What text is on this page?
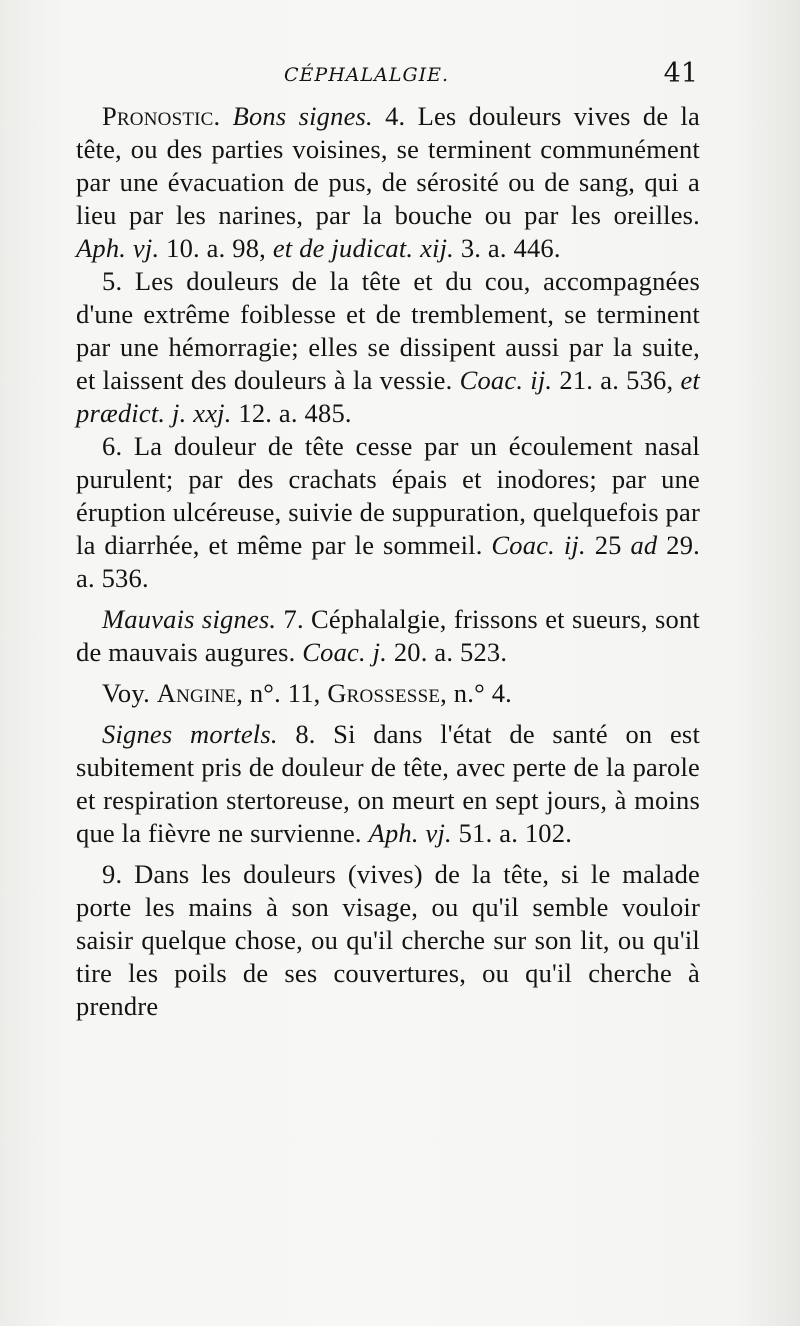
CÉPHALALGIE.	41

Pronostic. Bons signes. 4. Les douleurs vives de la tête, ou des parties voisines, se terminent communément par une évacuation de pus, de sérosité ou de sang, qui a lieu par les narines, par la bouche ou par les oreilles. Aph. vj. 10. a. 98, et de judicat. xij. 3. a. 446.

5. Les douleurs de la tête et du cou, accompagnées d'une extrême foiblesse et de tremblement, se terminent par une hémorragie; elles se dissipent aussi par la suite, et laissent des douleurs à la vessie. Coac. ij. 21. a. 536, et prædict. j. xxj. 12. a. 485.

6. La douleur de tête cesse par un écoulement nasal purulent; par des crachats épais et inodores; par une éruption ulcéreuse, suivie de suppuration, quelquefois par la diarrhée, et même par le sommeil. Coac. ij. 25 ad 29. a. 536.

Mauvais signes. 7. Céphalalgie, frissons et sueurs, sont de mauvais augures. Coac. j. 20. a. 523.

Voy. Angine, n°. 11, Grossesse, n.° 4.

Signes mortels. 8. Si dans l'état de santé on est subitement pris de douleur de tête, avec perte de la parole et respiration stertoreuse, on meurt en sept jours, à moins que la fièvre ne survienne. Aph. vj. 51. a. 102.

9. Dans les douleurs (vives) de la tête, si le malade porte les mains à son visage, ou qu'il semble vouloir saisir quelque chose, ou qu'il cherche sur son lit, ou qu'il tire les poils de ses couvertures, ou qu'il cherche à prendre
